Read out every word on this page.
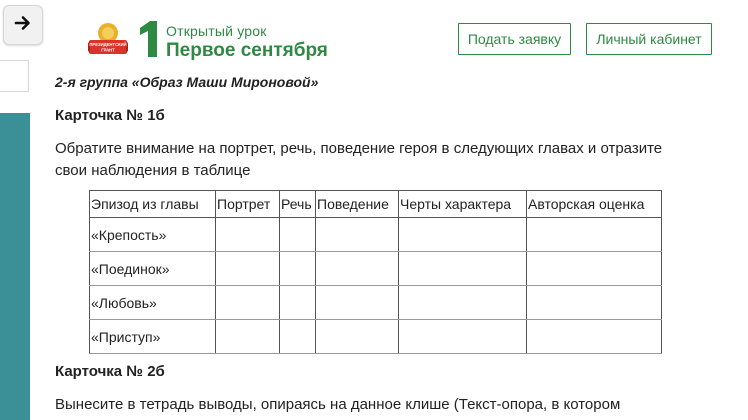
ПРЕЗИДЕНТСКИЙ
ГРАНТ
Открытый урок
Первое сентября
Подать заявку	Личный кабинет
2-я группа «Образ Маши Мироновой»
Карточка № 1б
Обратите внимание на портрет, речь, поведение героя в следующих главах и отразите свои наблюдения в таблице
Эпизод из главы	Портрет	Речь	Поведение	Черты характера	Авторская оценка
«Крепость»					
«Поединок»					
«Любовь»					
«Приступ»					
Карточка № 2б
Вынесите в тетрадь выводы, опираясь на данное клише (Текст-опора, в котором
